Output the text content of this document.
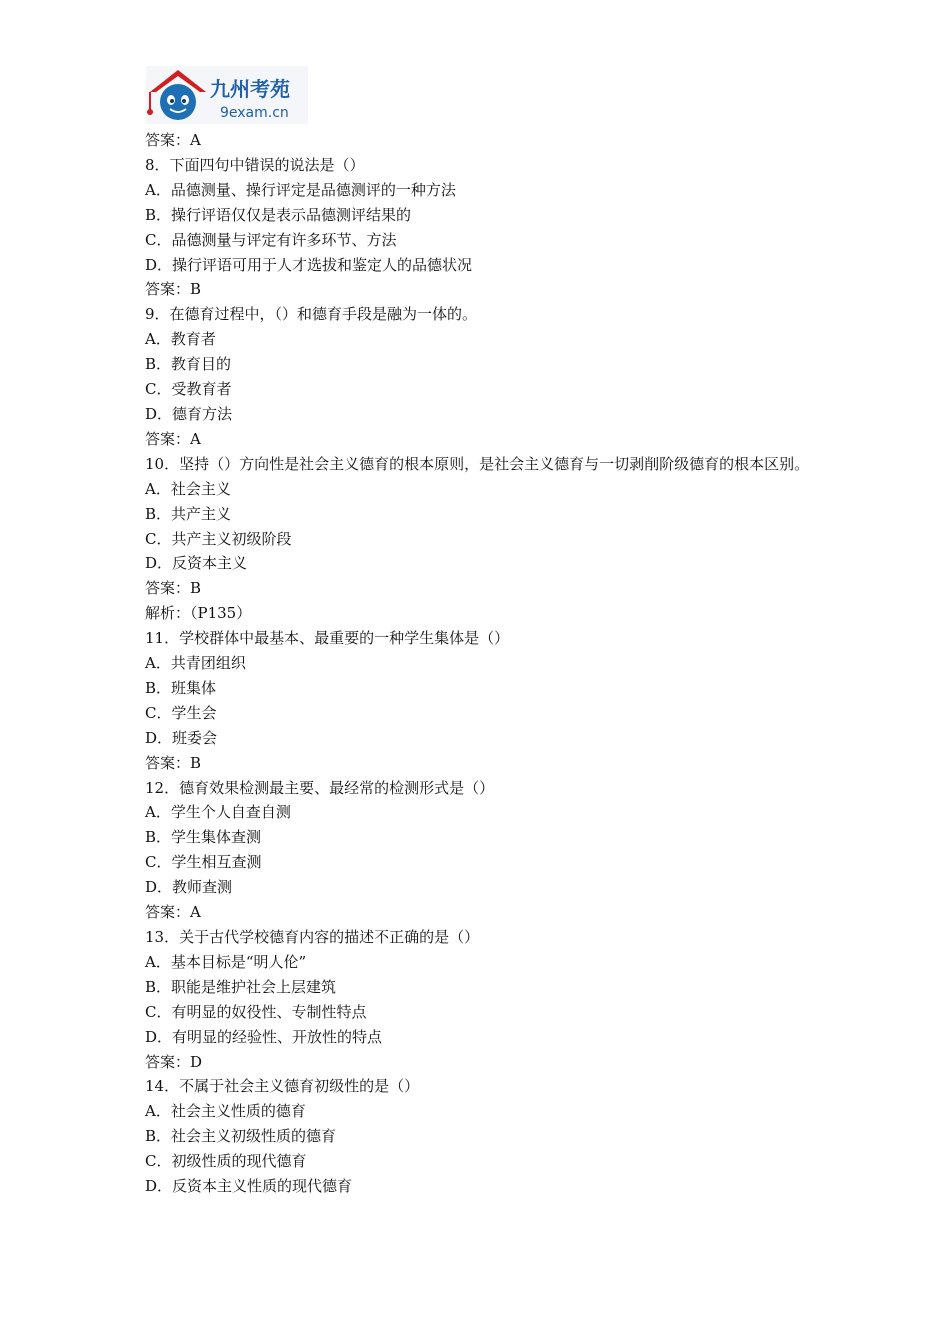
九州考苑
9exam.cn

答案：A

8．下面四句中错误的说法是（）

A．品德测量、操行评定是品德测评的一种方法

B．操行评语仅仅是表示品德测评结果的

C．品德测量与评定有许多环节、方法

D．操行评语可用于人才选拔和鉴定人的品德状况

答案：B

9．在德育过程中，（）和德育手段是融为一体的。

A．教育者

B．教育目的

C．受教育者

D．德育方法

答案：A

10．坚持（）方向性是社会主义德育的根本原则，是社会主义德育与一切剥削阶级德育的根本区别。

A．社会主义

B．共产主义

C．共产主义初级阶段

D．反资本主义

答案：B

解析：（P135）

11．学校群体中最基本、最重要的一种学生集体是（）

A．共青团组织

B．班集体

C．学生会

D．班委会

答案：B

12．德育效果检测最主要、最经常的检测形式是（）

A．学生个人自查自测

B．学生集体查测

C．学生相互查测

D．教师查测

答案：A

13．关于古代学校德育内容的描述不正确的是（）

A．基本目标是“明人伦”

B．职能是维护社会上层建筑

C．有明显的奴役性、专制性特点

D．有明显的经验性、开放性的特点

答案：D

14．不属于社会主义德育初级性的是（）

A．社会主义性质的德育

B．社会主义初级性质的德育

C．初级性质的现代德育

D．反资本主义性质的现代德育
